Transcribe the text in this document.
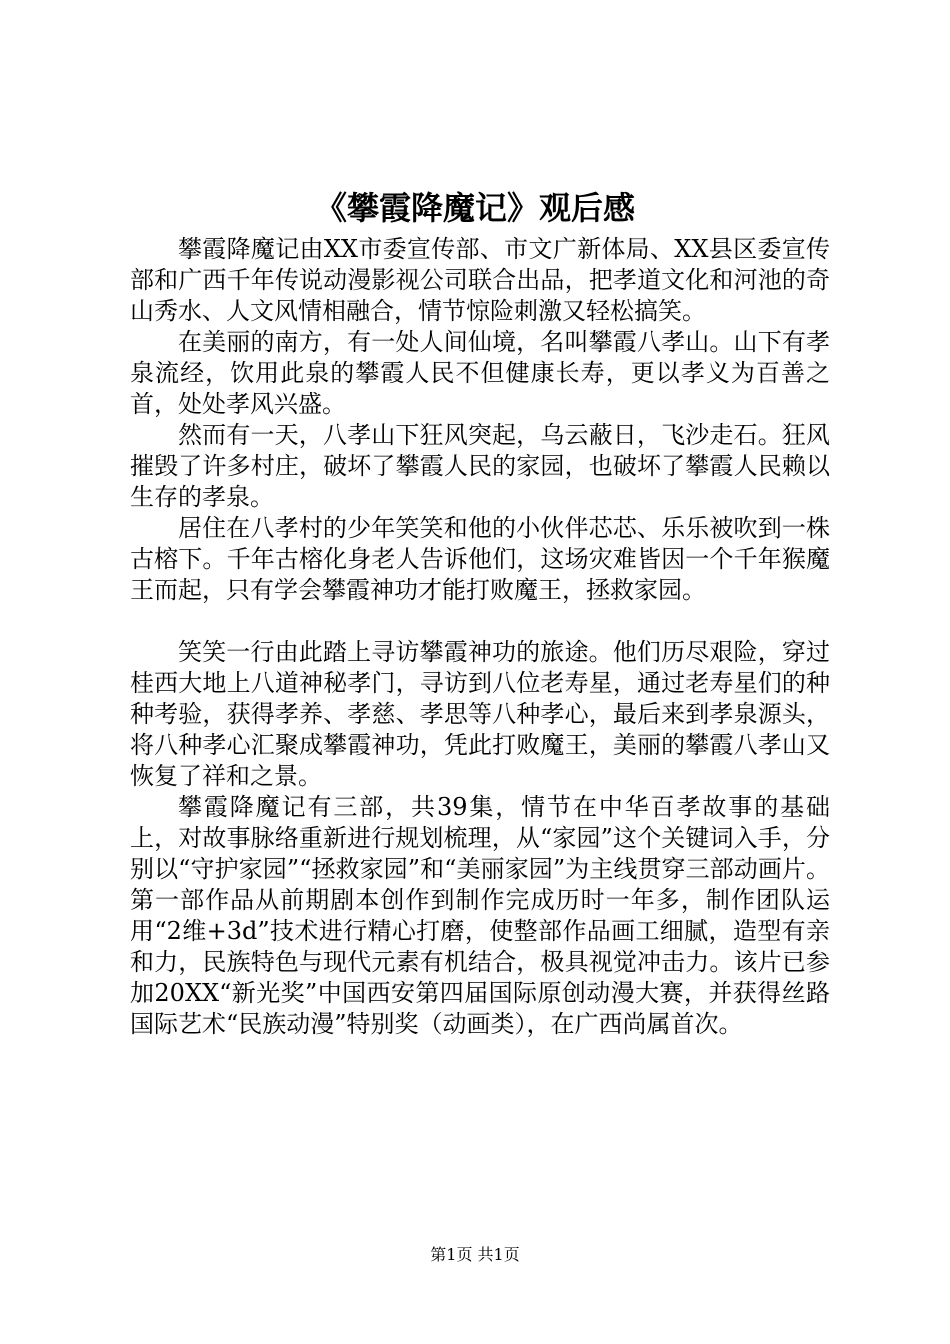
《攀霞降魔记》观后感

攀霞降魔记由XX市委宣传部、市文广新体局、XX县区委宣传部和广西千年传说动漫影视公司联合出品，把孝道文化和河池的奇山秀水、人文风情相融合，情节惊险刺激又轻松搞笑。

在美丽的南方，有一处人间仙境，名叫攀霞八孝山。山下有孝泉流经，饮用此泉的攀霞人民不但健康长寿，更以孝义为百善之首，处处孝风兴盛。

然而有一天，八孝山下狂风突起，乌云蔽日，飞沙走石。狂风摧毁了许多村庄，破坏了攀霞人民的家园，也破坏了攀霞人民赖以生存的孝泉。

居住在八孝村的少年笑笑和他的小伙伴芯芯、乐乐被吹到一株古榕下。千年古榕化身老人告诉他们，这场灾难皆因一个千年猴魔王而起，只有学会攀霞神功才能打败魔王，拯救家园。

笑笑一行由此踏上寻访攀霞神功的旅途。他们历尽艰险，穿过桂西大地上八道神秘孝门，寻访到八位老寿星，通过老寿星们的种种考验，获得孝养、孝慈、孝思等八种孝心，最后来到孝泉源头，将八种孝心汇聚成攀霞神功，凭此打败魔王，美丽的攀霞八孝山又恢复了祥和之景。

攀霞降魔记有三部，共39集，情节在中华百孝故事的基础上，对故事脉络重新进行规划梳理，从“家园”这个关键词入手，分别以“守护家园”“拯救家园”和“美丽家园”为主线贯穿三部动画片。第一部作品从前期剧本创作到制作完成历时一年多，制作团队运用“2维+3d”技术进行精心打磨，使整部作品画工细腻，造型有亲和力，民族特色与现代元素有机结合，极具视觉冲击力。该片已参加20XX“新光奖”中国西安第四届国际原创动漫大赛，并获得丝路国际艺术“民族动漫”特别奖（动画类），在广西尚属首次。

第1页 共1页
